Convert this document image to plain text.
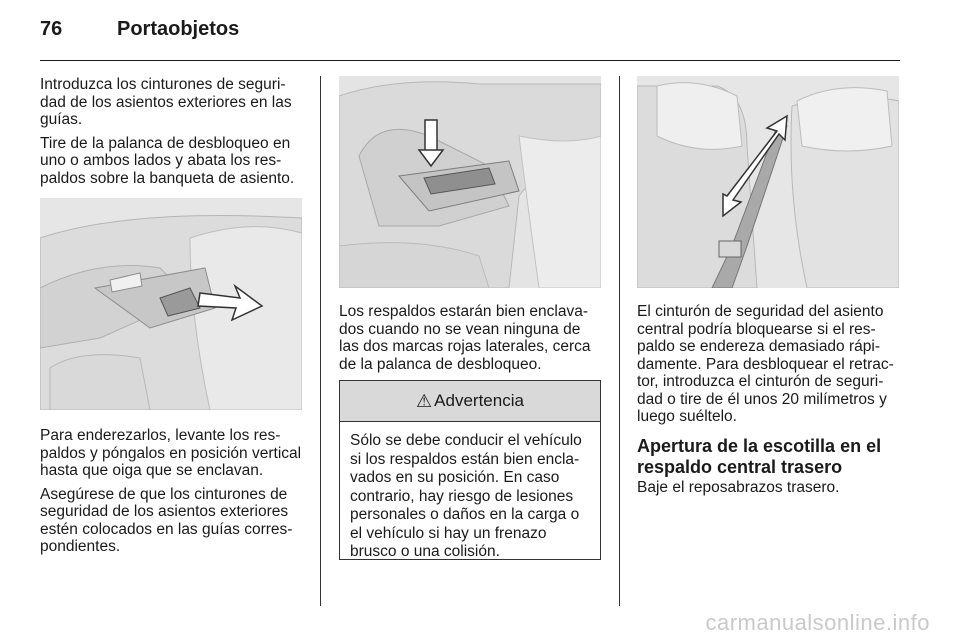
76	Portaobjetos

Introduzca los cinturones de seguridad de los asientos exteriores en las guías.

Tire de la palanca de desbloqueo en uno o ambos lados y abata los respaldos sobre la banqueta de asiento.

Para enderezarlos, levante los respaldos y póngalos en posición vertical hasta que oiga que se enclavan.

Asegúrese de que los cinturones de seguridad de los asientos exteriores estén colocados en las guías correspondientes.

Los respaldos estarán bien enclavados cuando no se vean ninguna de las dos marcas rojas laterales, cerca de la palanca de desbloqueo.

⚠ Advertencia
Sólo se debe conducir el vehículo si los respaldos están bien enclavados en su posición. En caso contrario, hay riesgo de lesiones personales o daños en la carga o el vehículo si hay un frenazo brusco o una colisión.

El cinturón de seguridad del asiento central podría bloquearse si el respaldo se endereza demasiado rápidamente. Para desbloquear el retractor, introduzca el cinturón de seguridad o tire de él unos 20 milímetros y luego suéltelo.

Apertura de la escotilla en el respaldo central trasero

Baje el reposabrazos trasero.

carmanualsonline.info
